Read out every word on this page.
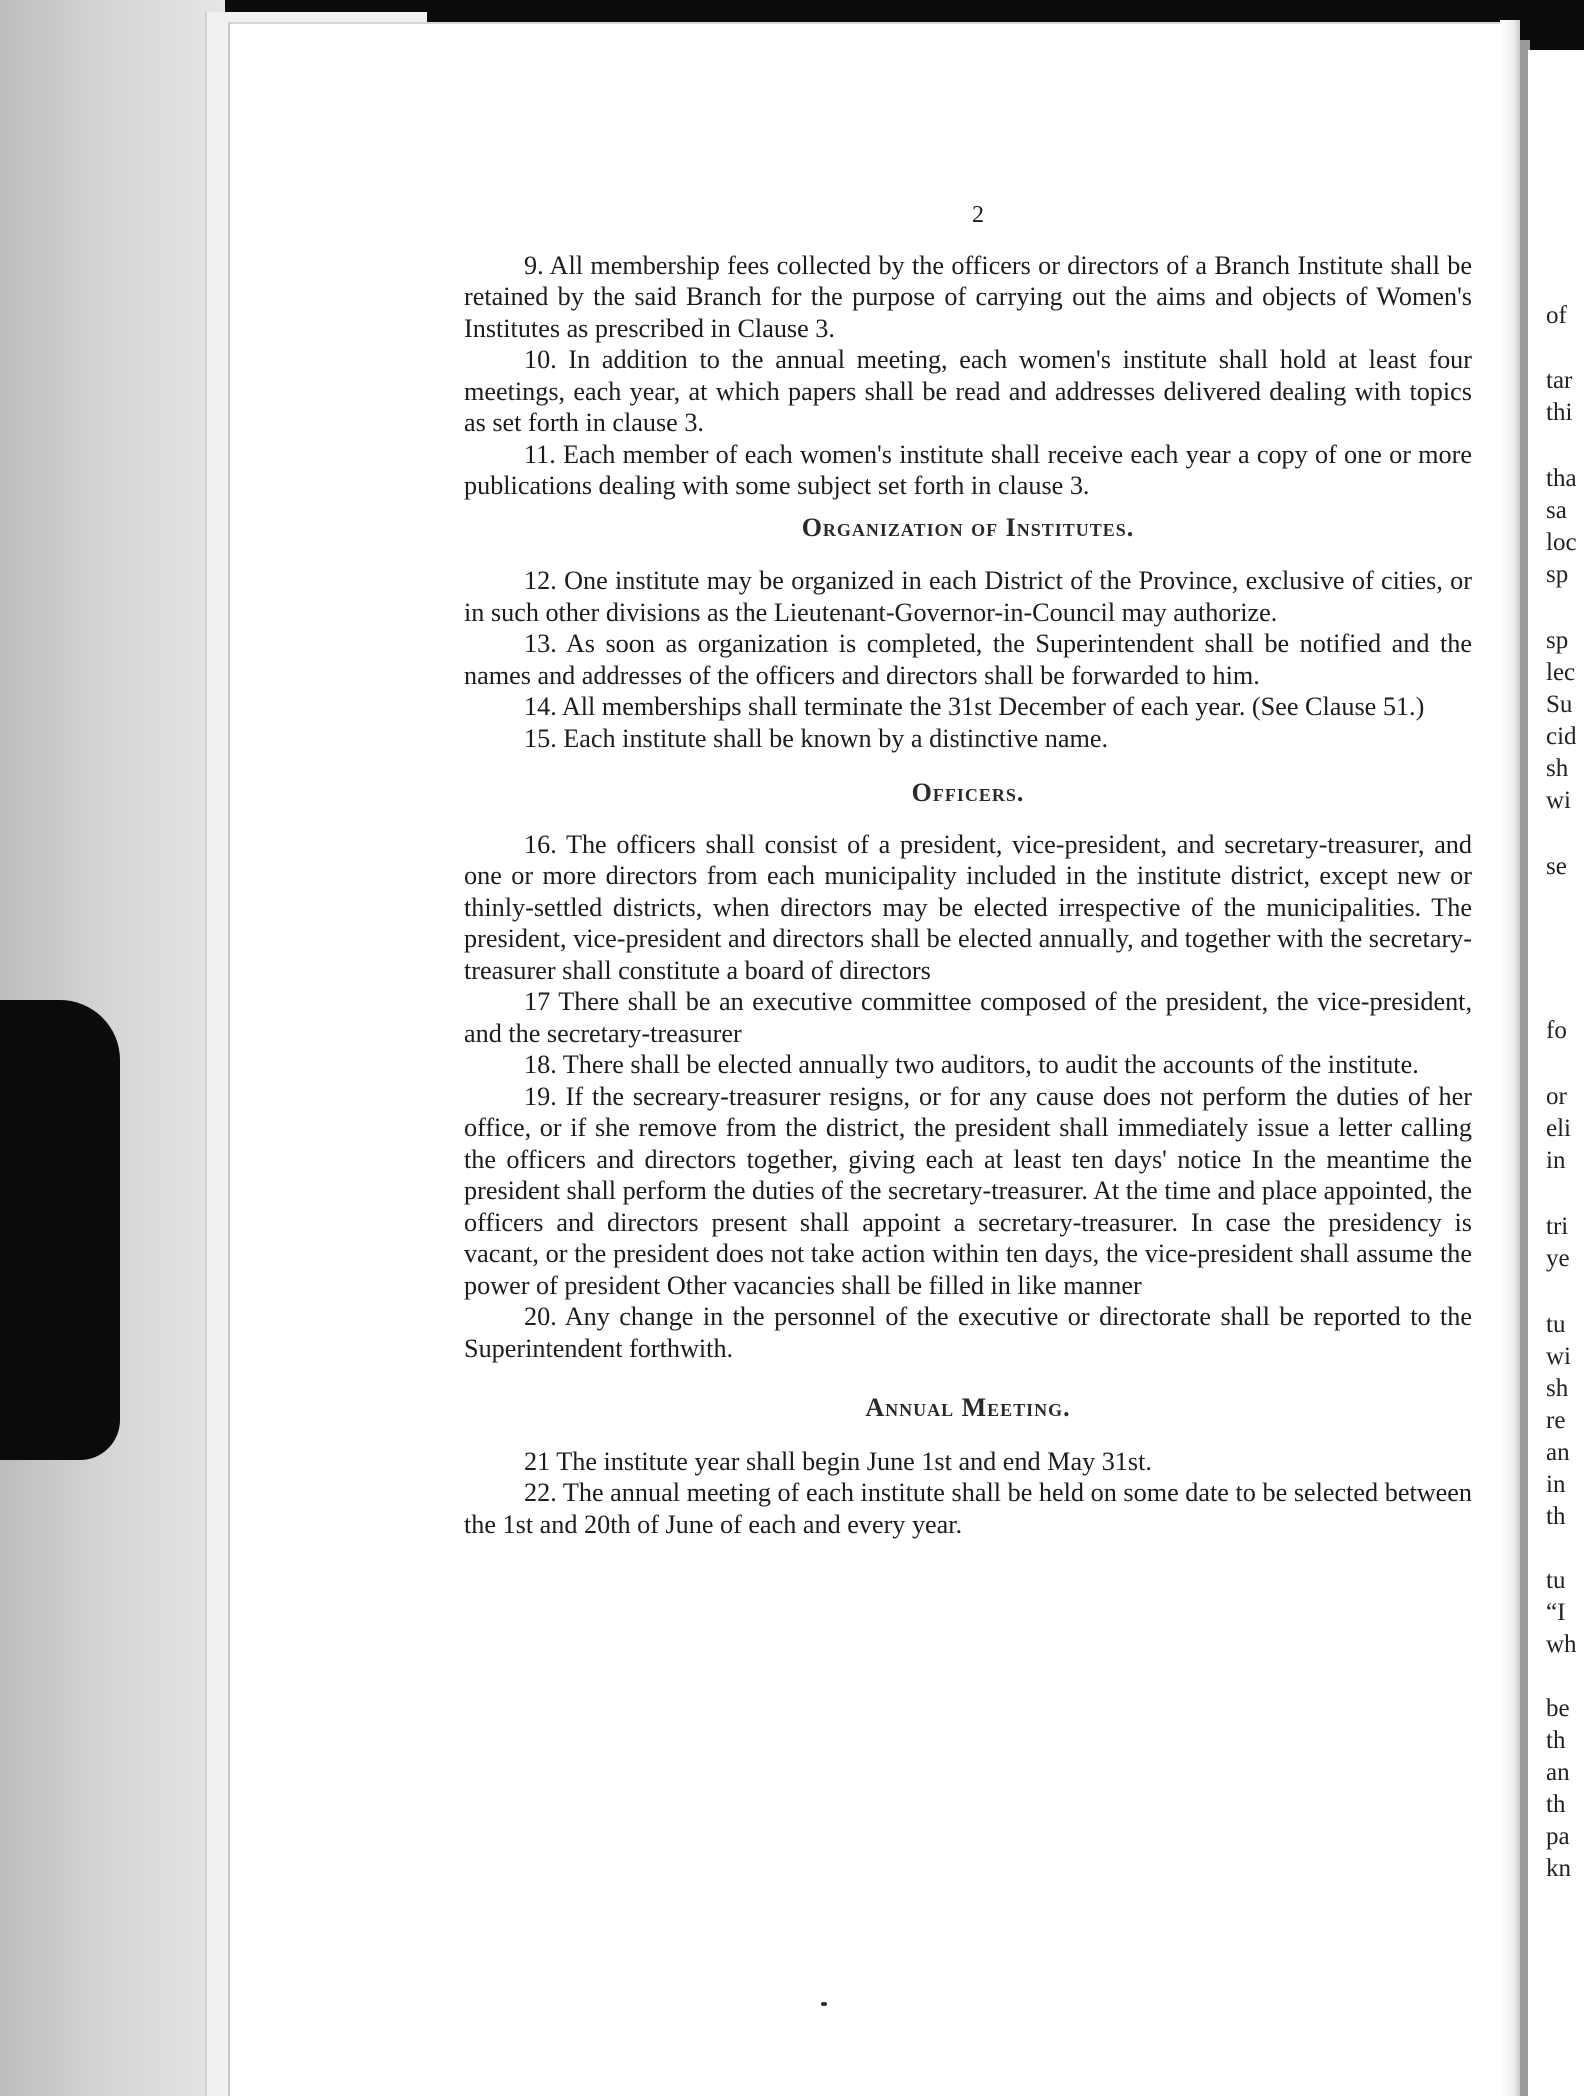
2

9. All membership fees collected by the officers or directors of a Branch Institute shall be retained by the said Branch for the purpose of carrying out the aims and objects of Women's Institutes as prescribed in Clause 3.

10. In addition to the annual meeting, each women's institute shall hold at least four meetings, each year, at which papers shall be read and addresses delivered dealing with topics as set forth in clause 3.

11. Each member of each women's institute shall receive each year a copy of one or more publications dealing with some subject set forth in clause 3.

Organization of Institutes.

12. One institute may be organized in each District of the Province, exclusive of cities, or in such other divisions as the Lieutenant-Governor-in-Council may authorize.

13. As soon as organization is completed, the Superintendent shall be notified and the names and addresses of the officers and directors shall be forwarded to him.

14. All memberships shall terminate the 31st December of each year. (See Clause 51.)

15. Each institute shall be known by a distinctive name.

Officers.

16. The officers shall consist of a president, vice-president, and secretary-treasurer, and one or more directors from each municipality included in the institute district, except new or thinly-settled districts, when directors may be elected irrespective of the municipalities. The president, vice-president and directors shall be elected annually, and together with the secretary-treasurer shall constitute a board of directors

17 There shall be an executive committee composed of the president, the vice-president, and the secretary-treasurer

18. There shall be elected annually two auditors, to audit the accounts of the institute.

19. If the secreary-treasurer resigns, or for any cause does not perform the duties of her office, or if she remove from the district, the president shall immediately issue a letter calling the officers and directors together, giving each at least ten days' notice In the meantime the president shall perform the duties of the secretary-treasurer. At the time and place appointed, the officers and directors present shall appoint a secretary-treasurer. In case the presidency is vacant, or the president does not take action within ten days, the vice-president shall assume the power of president Other vacancies shall be filled in like manner

20. Any change in the personnel of the executive or directorate shall be reported to the Superintendent forthwith.

Annual Meeting.

21 The institute year shall begin June 1st and end May 31st.

22. The annual meeting of each institute shall be held on some date to be selected between the 1st and 20th of June of each and every year.

of
tar
thi
tha
sa
loc
sp
sp
lec
Su
cid
sh
wi
se
fo
or
eli
in
tri
ye
tu
wi
sh
re
an
in
th
tu
“I
wh
be
th
an
th
pa
kn
